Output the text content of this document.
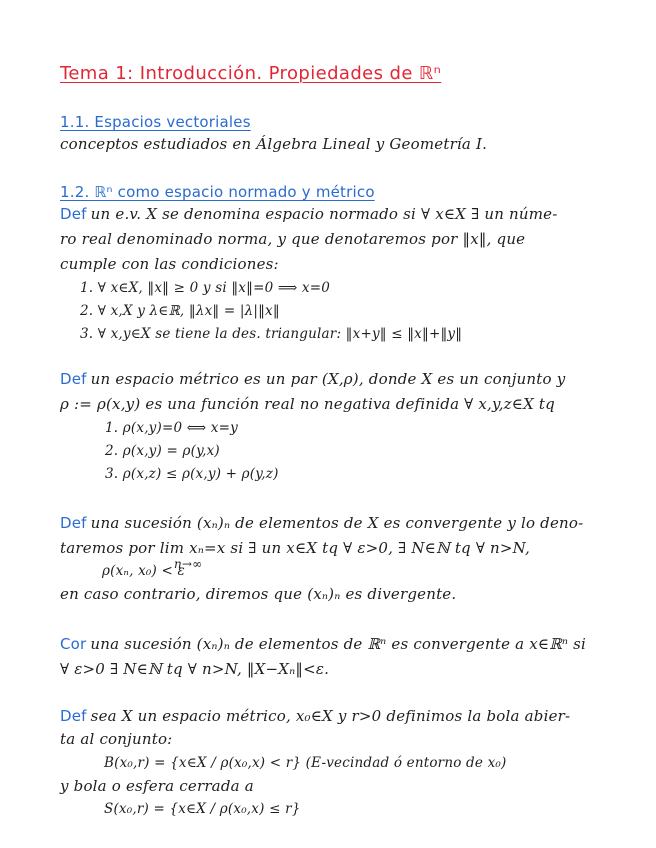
Tema 1: Introducción. Propiedades de ℝⁿ
1.1. Espacios vectoriales
conceptos estudiados en Álgebra Lineal y Geometría I.
1.2. ℝⁿ como espacio normado y métrico
Def un e.v. X se denomina espacio normado si ∀ x∈X ∃ un núme-
ro real denominado norma, y que denotaremos por ‖x‖, que
cumple con las condiciones:
1. ∀ x∈X, ‖x‖ ≥ 0 y si ‖x‖=0 ⟹ x=0
2. ∀ x,X y λ∈ℝ, ‖λx‖ = |λ|‖x‖
3. ∀ x,y∈X se tiene la des. triangular: ‖x+y‖ ≤ ‖x‖+‖y‖
Def un espacio métrico es un par (X,ρ), donde X es un conjunto y
ρ := ρ(x,y) es una función real no negativa definida ∀ x,y,z∈X tq
1. ρ(x,y)=0 ⟺ x=y
2. ρ(x,y) = ρ(y,x)
3. ρ(x,z) ≤ ρ(x,y) + ρ(y,z)
Def una sucesión (xₙ)ₙ de elementos de X es convergente y lo deno-
taremos por lim xₙ=x si ∃ un x∈X tq ∀ ε>0, ∃ N∈ℕ tq ∀ n>N,
n→∞
ρ(xₙ, x₀) < ε
en caso contrario, diremos que (xₙ)ₙ es divergente.
Cor una sucesión (xₙ)ₙ de elementos de ℝⁿ es convergente a x∈ℝⁿ si
∀ ε>0 ∃ N∈ℕ tq ∀ n>N, ‖X−Xₙ‖<ε.
Def sea X un espacio métrico, x₀∈X y r>0 definimos la bola abier-
ta al conjunto:
B(x₀,r) = {x∈X / ρ(x₀,x) < r} (E-vecindad ó entorno de x₀)
y bola o esfera cerrada a
S(x₀,r) = {x∈X / ρ(x₀,x) ≤ r}
